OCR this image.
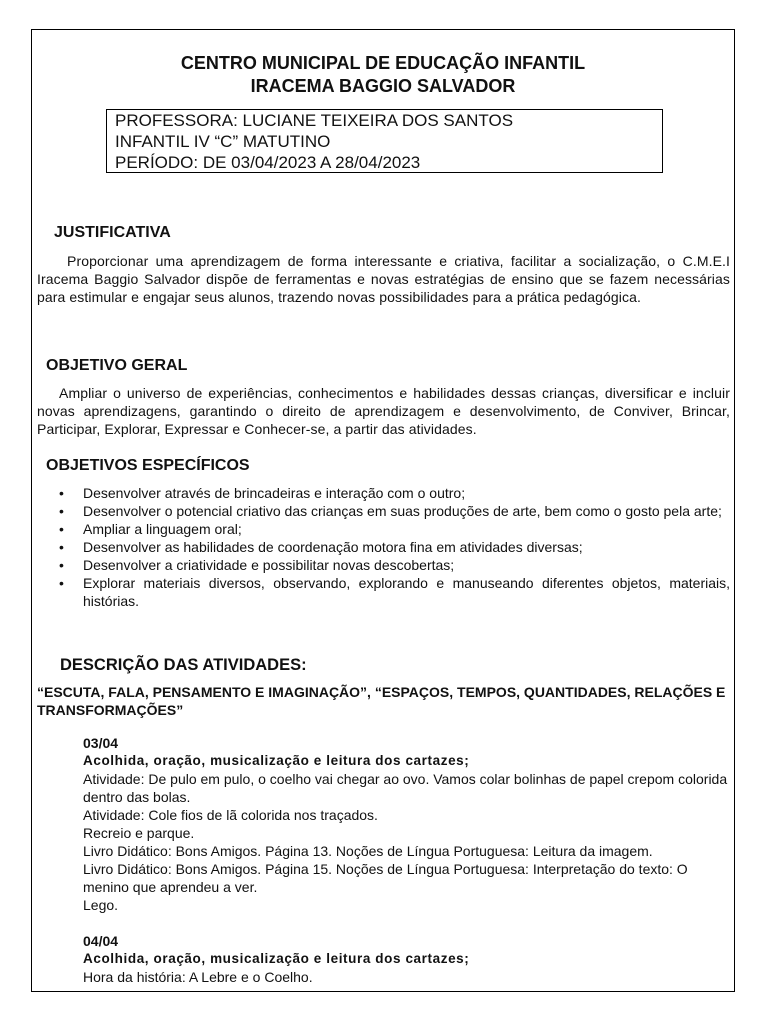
CENTRO MUNICIPAL DE EDUCAÇÃO INFANTIL
IRACEMA BAGGIO SALVADOR

PROFESSORA: LUCIANE TEIXEIRA DOS SANTOS

INFANTIL IV “C” MATUTINO

PERÍODO: DE 03/04/2023 A 28/04/2023

JUSTIFICATIVA

Proporcionar uma aprendizagem de forma interessante e criativa, facilitar a socialização, o C.M.E.I Iracema Baggio Salvador dispõe de ferramentas e novas estratégias de ensino que se fazem necessárias para estimular e engajar seus alunos, trazendo novas possibilidades para a prática pedagógica.

OBJETIVO GERAL

Ampliar o universo de experiências, conhecimentos e habilidades dessas crianças, diversificar e incluir novas aprendizagens, garantindo o direito de aprendizagem e desenvolvimento, de Conviver, Brincar, Participar, Explorar, Expressar e Conhecer-se, a partir das atividades.

OBJETIVOS ESPECÍFICOS
• Desenvolver através de brincadeiras e interação com o outro;
• Desenvolver o potencial criativo das crianças em suas produções de arte, bem como o gosto pela arte;
• Ampliar a linguagem oral;
• Desenvolver as habilidades de coordenação motora fina em atividades diversas;
• Desenvolver a criatividade e possibilitar novas descobertas;
• Explorar materiais diversos, observando, explorando e manuseando diferentes objetos, materiais, histórias.
DESCRIÇÃO DAS ATIVIDADES:

“ESCUTA, FALA, PENSAMENTO E IMAGINAÇÃO”, “ESPAÇOS, TEMPOS, QUANTIDADES, RELAÇÕES E TRANSFORMAÇÕES”

03/04

Acolhida, oração, musicalização e leitura dos cartazes;

Atividade: De pulo em pulo, o coelho vai chegar ao ovo. Vamos colar bolinhas de papel crepom colorida dentro das bolas.

Atividade: Cole fios de lã colorida nos traçados.

Recreio e parque.

Livro Didático: Bons Amigos. Página 13. Noções de Língua Portuguesa: Leitura da imagem.

Livro Didático: Bons Amigos. Página 15. Noções de Língua Portuguesa: Interpretação do texto: O menino que aprendeu a ver.

Lego.

04/04

Acolhida, oração, musicalização e leitura dos cartazes;

Hora da história: A Lebre e o Coelho.
